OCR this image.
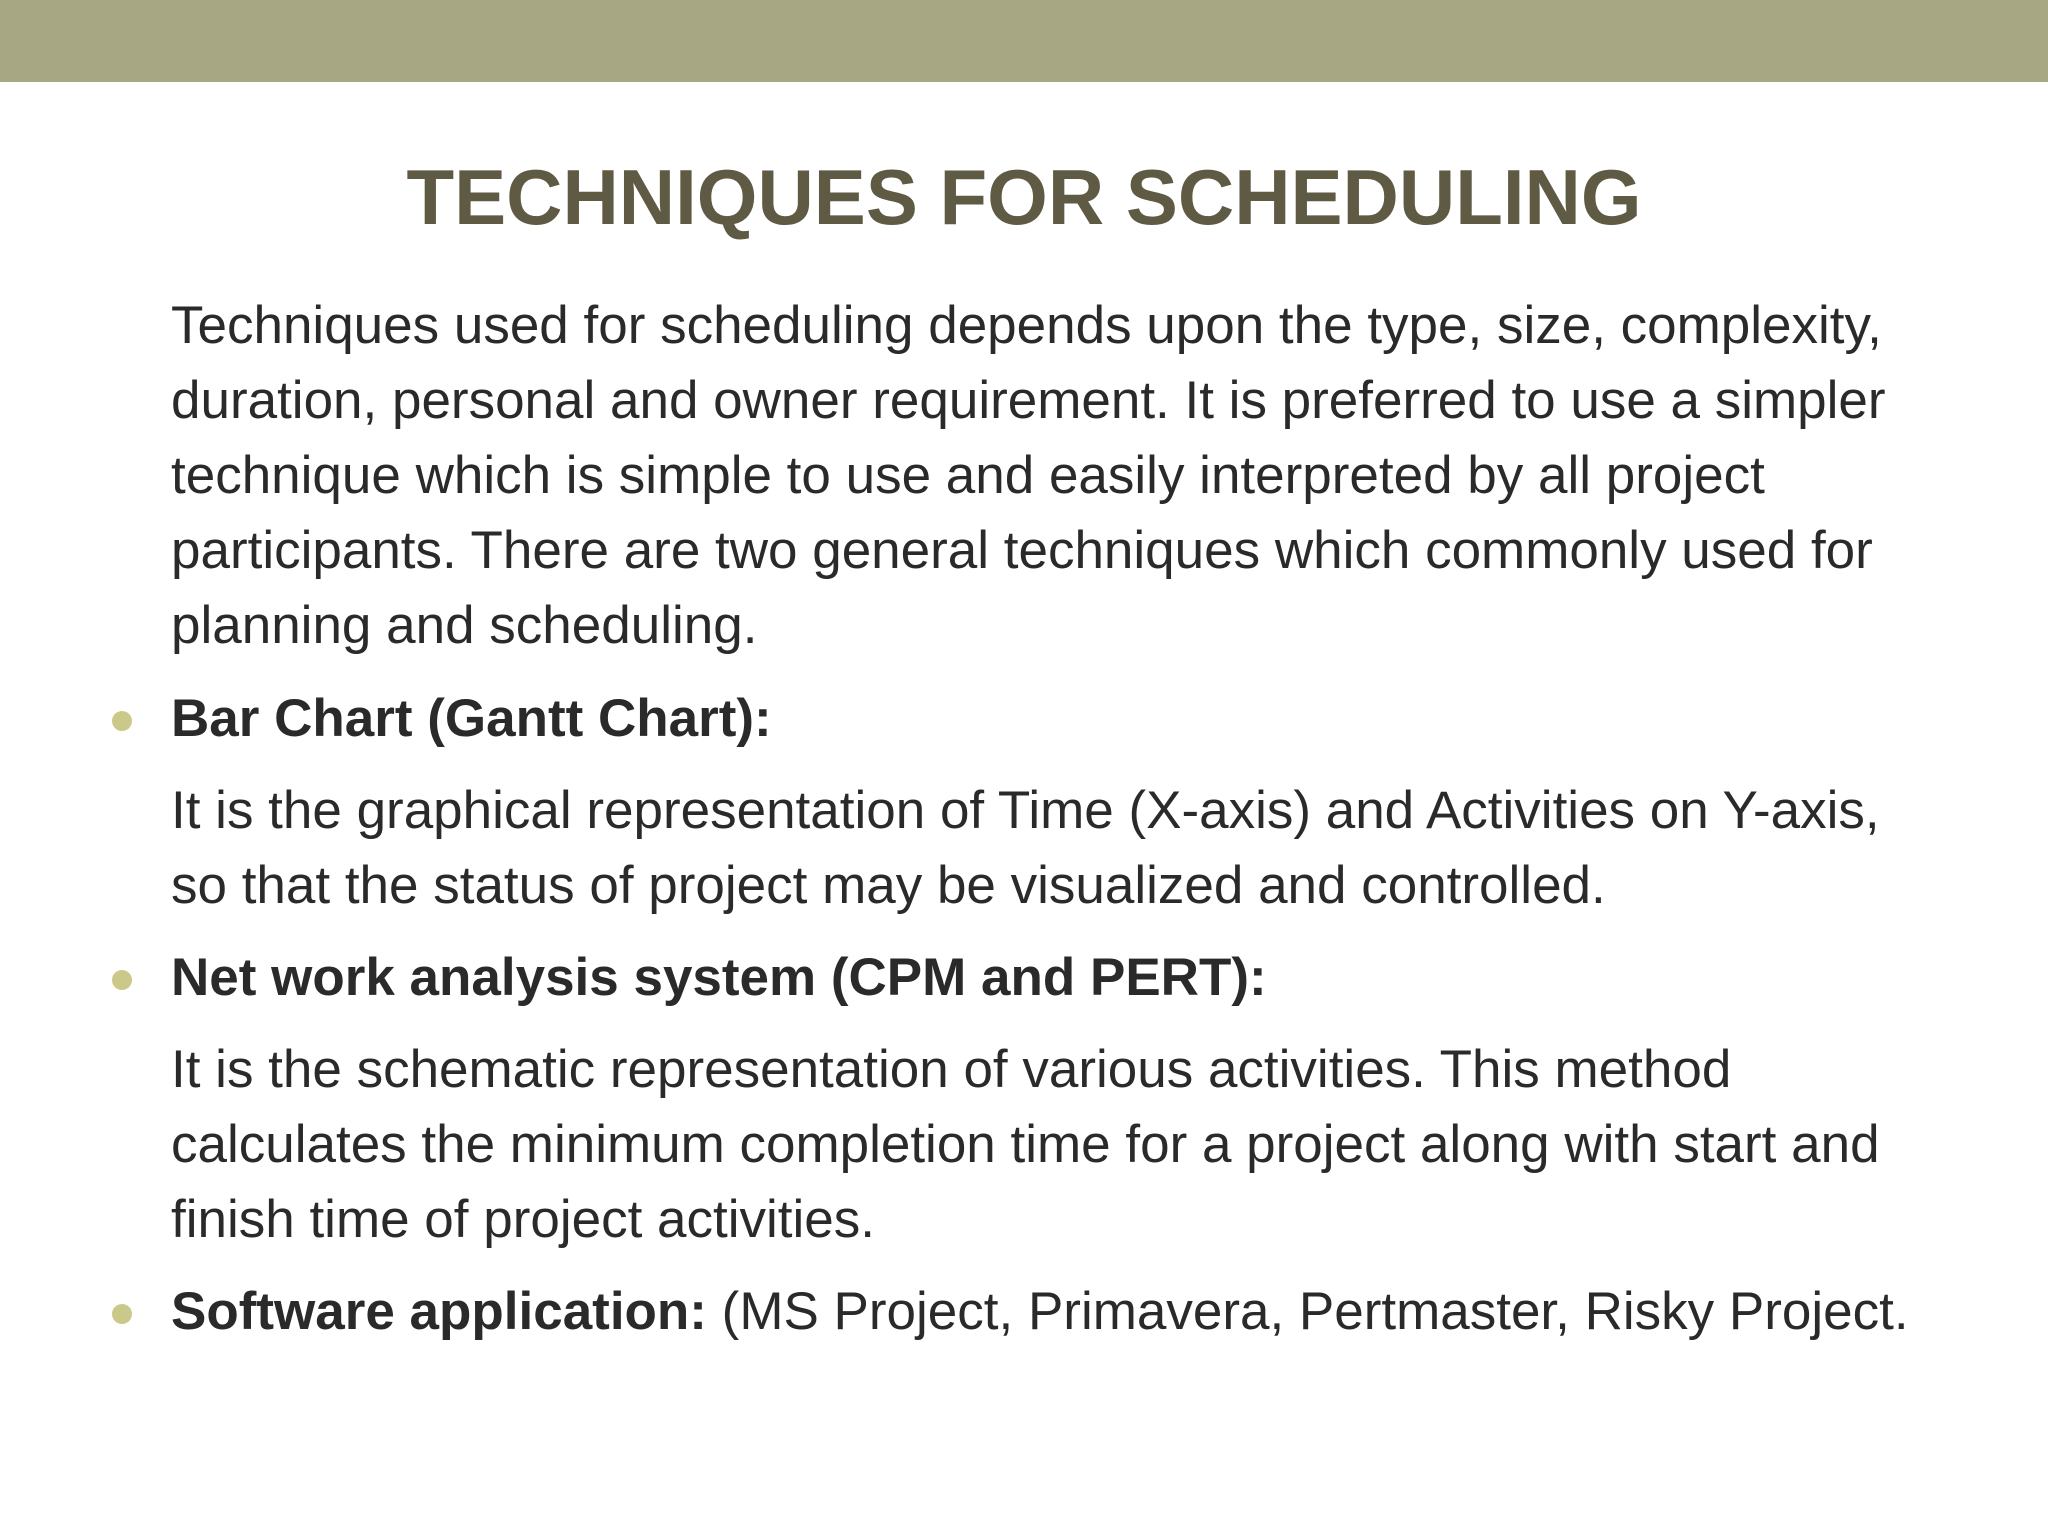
TECHNIQUES FOR SCHEDULING

Techniques used for scheduling depends upon the type, size, complexity, duration, personal and owner requirement. It is preferred to use a simpler technique which is simple to use and easily interpreted by all project participants. There are two general techniques which commonly used for planning and scheduling.

Bar Chart (Gantt Chart):

It is the graphical representation of Time (X-axis) and Activities on Y-axis, so that the status of project may be visualized and controlled.

Net work analysis system (CPM and PERT):

It is the schematic representation of various activities. This method calculates the minimum completion time for a project along with start and finish time of project activities.

Software application: (MS Project, Primavera, Pertmaster, Risky Project.
